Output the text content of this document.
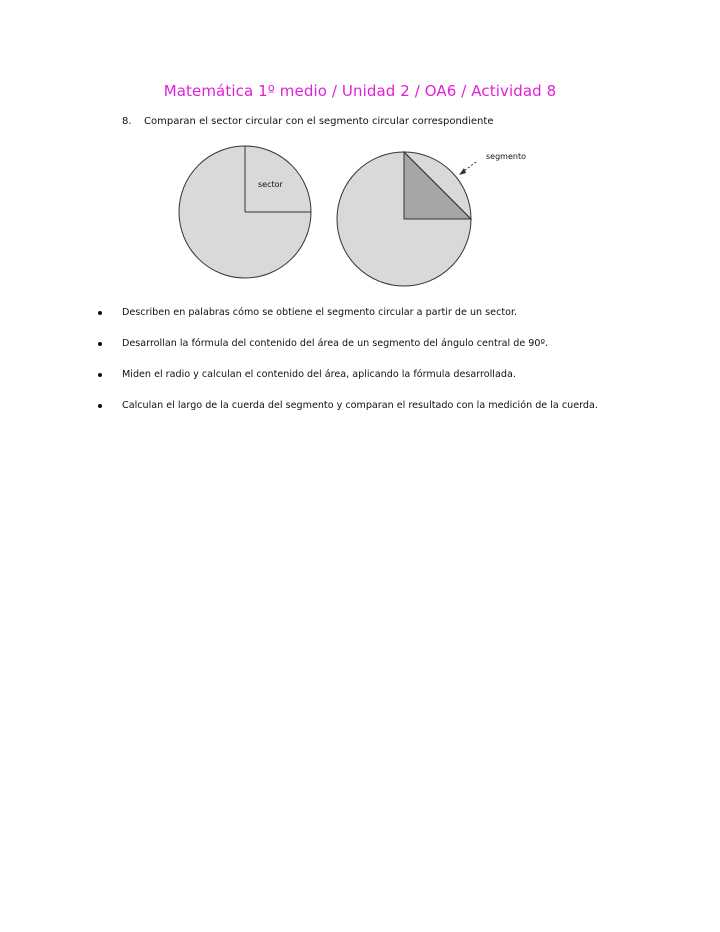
Matemática 1º medio / Unidad 2 / OA6 / Actividad 8
8. Comparan el sector circular con el segmento circular correspondiente
sector
segmento
Describen en palabras cómo se obtiene el segmento circular a partir de un sector.
Desarrollan la fórmula del contenido del área de un segmento del ángulo central de 90º.
Miden el radio y calculan el contenido del área, aplicando la fórmula desarrollada.
Calculan el largo de la cuerda del segmento y comparan el resultado con la medición de la cuerda.
